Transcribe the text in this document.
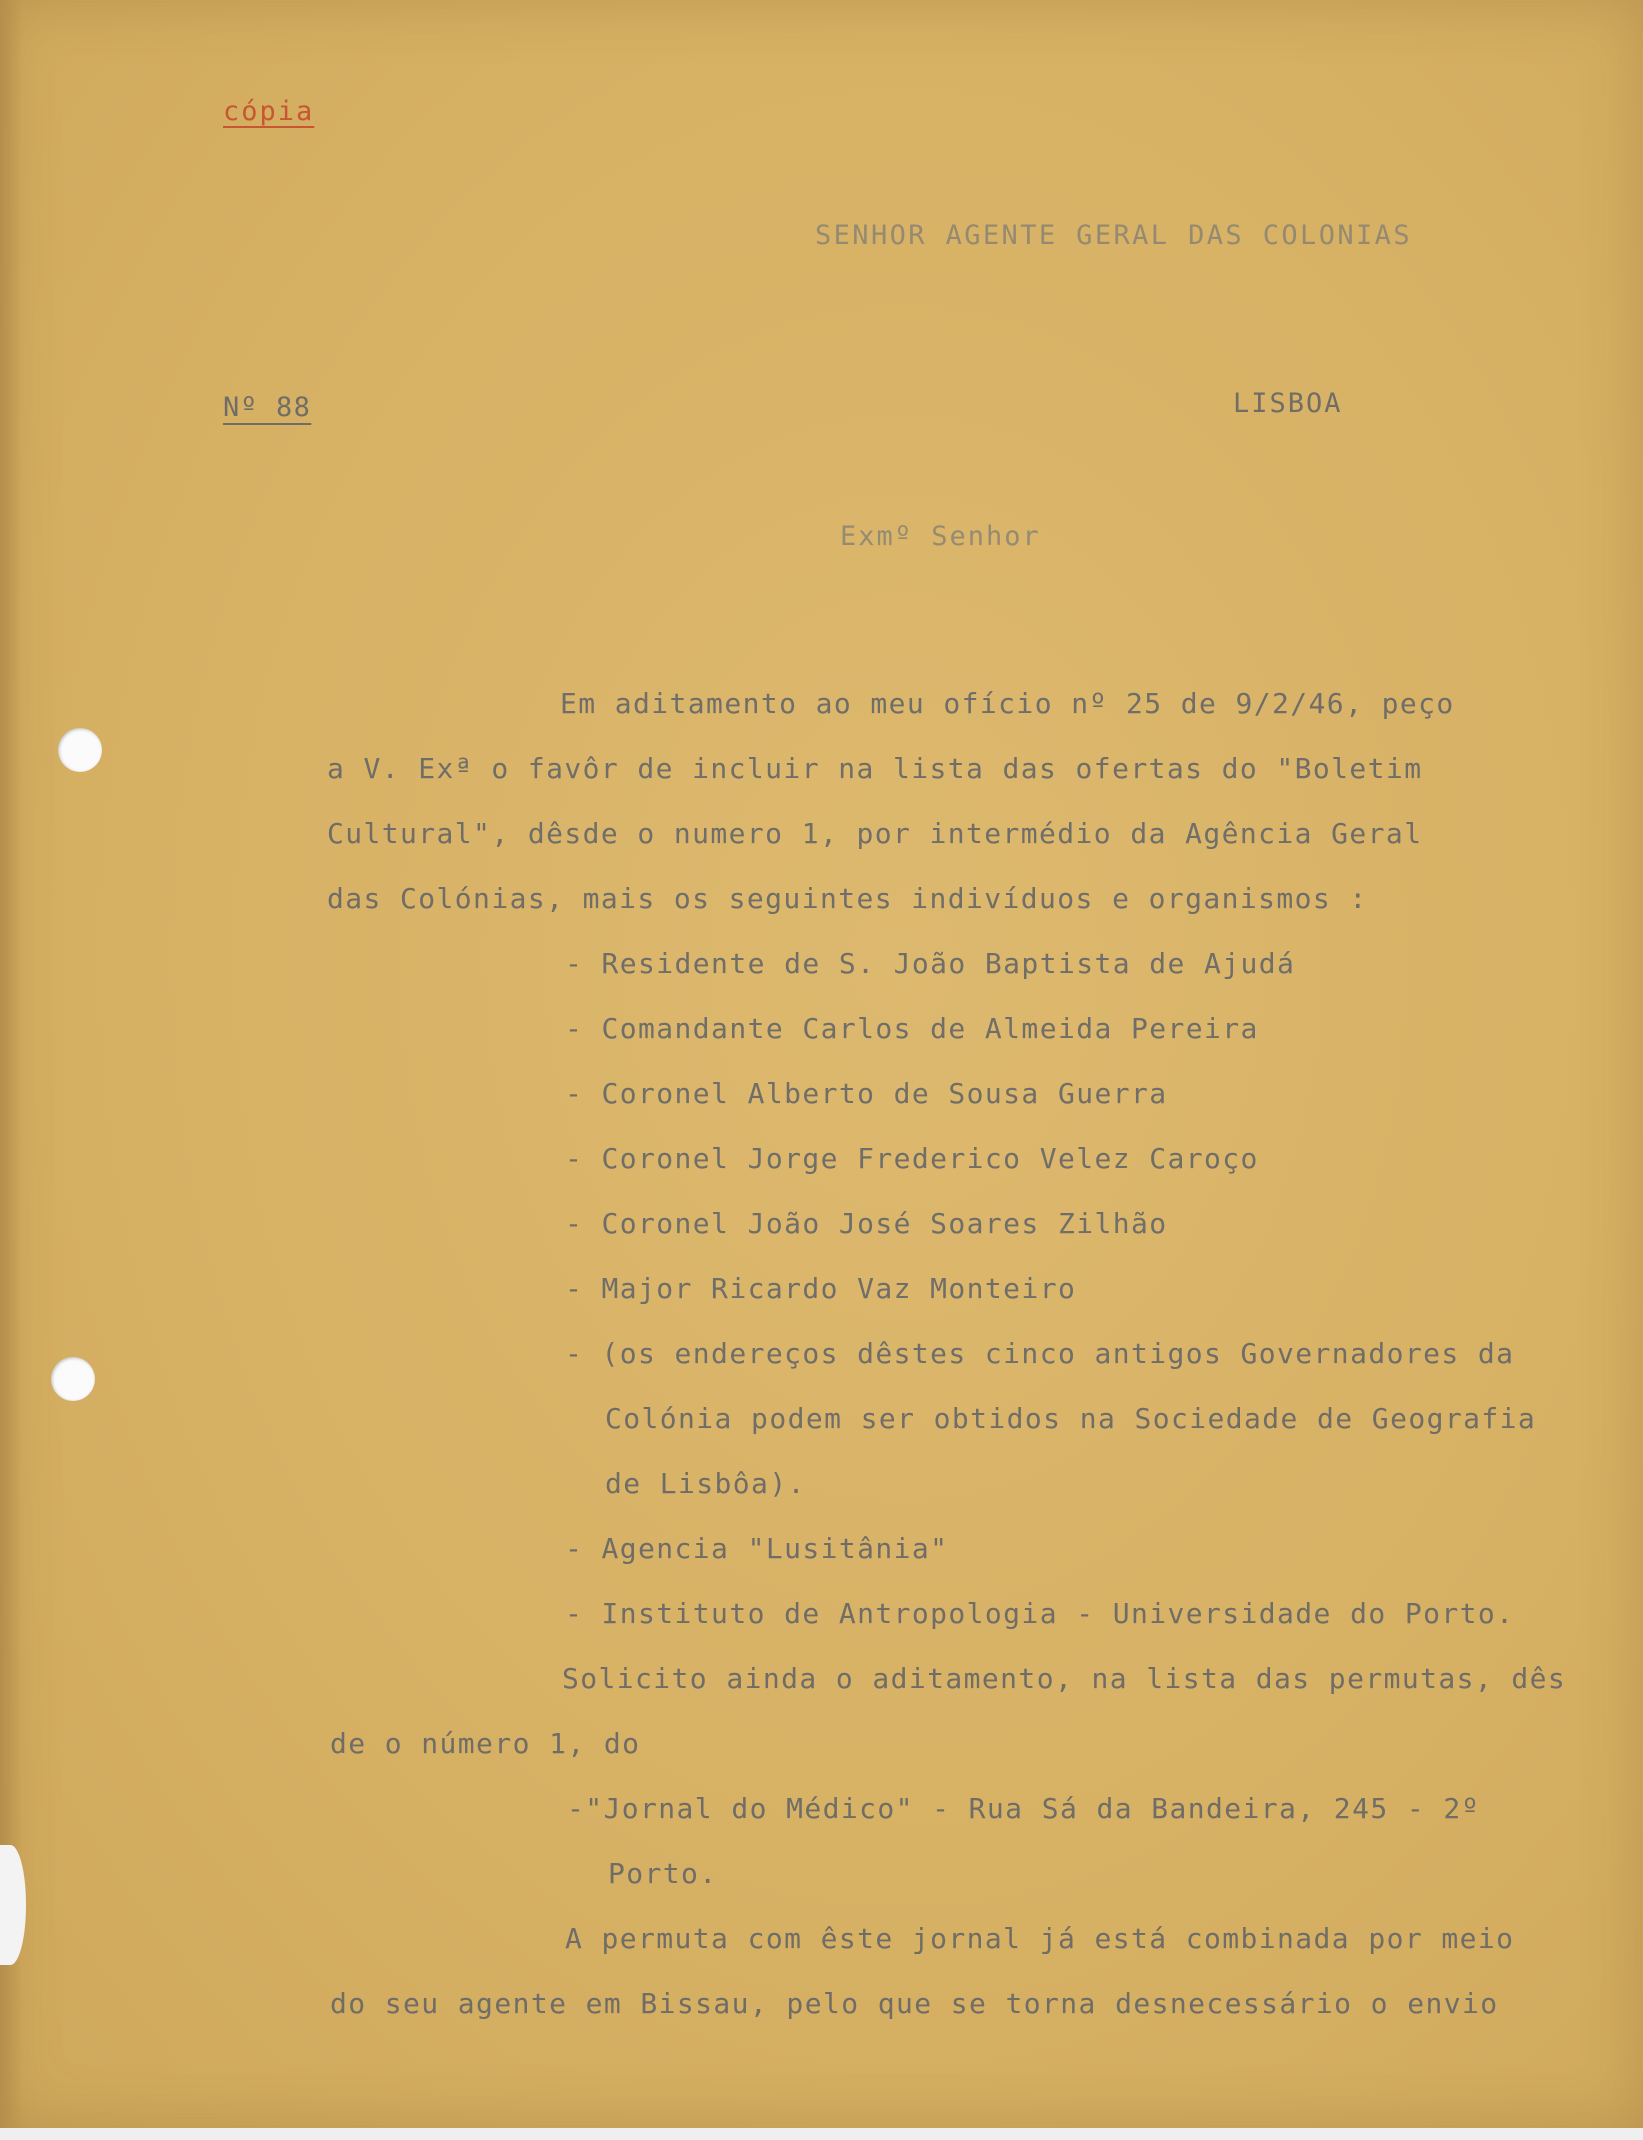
cópia
SENHOR AGENTE GERAL DAS COLONIAS
Nº 88	LISBOA
Exmº Senhor
Em aditamento ao meu ofício nº 25 de 9/2/46, peço
a V. Exª o favôr de incluir na lista das ofertas do "Boletim
Cultural", dêsde o numero 1, por intermédio da Agência Geral
das Colónias, mais os seguintes indivíduos e organismos :
- Residente de S. João Baptista de Ajudá
- Comandante Carlos de Almeida Pereira
- Coronel Alberto de Sousa Guerra
- Coronel Jorge Frederico Velez Caroço
- Coronel João José Soares Zilhão
- Major Ricardo Vaz Monteiro
- (os endereços dêstes cinco antigos Governadores da
Colónia podem ser obtidos na Sociedade de Geografia
de Lisbôa).
- Agencia "Lusitânia"
- Instituto de Antropologia - Universidade do Porto.
Solicito ainda o aditamento, na lista das permutas, dês
de o número 1, do
-"Jornal do Médico" - Rua Sá da Bandeira, 245 - 2º
Porto.
A permuta com êste jornal já está combinada por meio
do seu agente em Bissau, pelo que se torna desnecessário o envio
